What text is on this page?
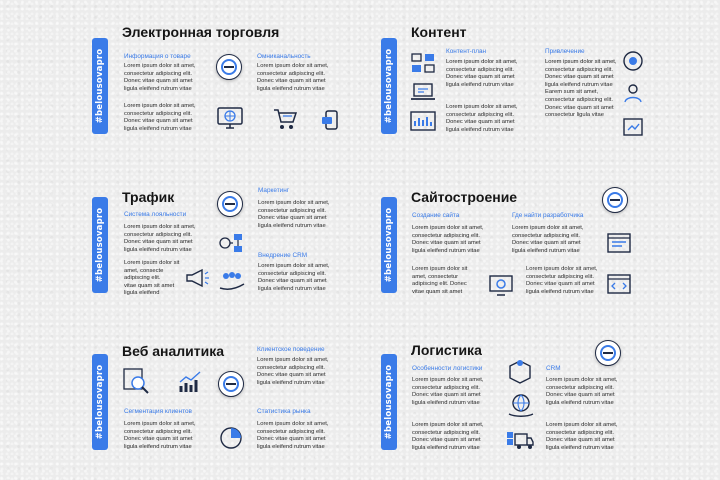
#belousovapro
Электронная торговля
Информация о товаре	Омниканальность
Lorem ipsum dolor sit amet,
consectetur adipiscing elit.
Donec vitae quam sit amet
ligula eleifend rutrum vitae
Lorem ipsum dolor sit amet,
consectetur adipiscing elit.
Donec vitae quam sit amet
ligula eleifend rutrum vitae
Lorem ipsum dolor sit amet,
consectetur adipiscing elit.
Donec vitae quam sit amet
ligula eleifend rutrum vitae
#belousovapro
Контент
Контент-план	Привлечение
Lorem ipsum dolor sit amet,
consectetur adipiscing elit.
Donec vitae quam sit amet
ligula eleifend rutrum vitae
Lorem ipsum dolor sit amet,
consectetur adipiscing elit.
Donec vitae quam sit amet
ligula eleifend rutrum vitae
Lorem ipsum dolor sit amet,
consectetur adipiscing elit.
Donec vitae quam sit amet
ligula eleifend rutrum vitae
Earem sum sit amet,
consectetur adipiscing elit.
Donec vitae quam sit amet
consectetur ligula vitae
#belousovapro
Трафик	Маркетинг
Lorem ipsum dolor sit amet,
consectetur adipiscing elit.
Donec vitae quam sit amet
ligula eleifend rutrum vitae
Система лояльности
Lorem ipsum dolor sit amet,
consectetur adipiscing elit.
Donec vitae quam sit amet
ligula eleifend rutrum vitae
Lorem ipsum dolor sit
amet, consecte
adipiscing elit.
vitae quam sit amet
ligula eleifend
Внедрение CRM
Lorem ipsum dolor sit amet,
consectetur adipiscing elit.
Donec vitae quam sit amet
ligula eleifend rutrum vitae
#belousovapro
Сайтостроение
Создание сайта	Где найти разработчика
Lorem ipsum dolor sit amet,
consectetur adipiscing elit.
Donec vitae quam sit amet
ligula eleifend rutrum vitae
Lorem ipsum dolor sit amet,
consectetur adipiscing elit.
Donec vitae quam sit amet
ligula eleifend rutrum vitae
Lorem ipsum dolor sit
amet, consectetur
adipiscing elit. Donec
vitae quam sit amet
Lorem ipsum dolor sit amet,
consectetur adipiscing elit.
Donec vitae quam sit amet
ligula eleifend rutrum vitae
#belousovapro
Веб аналитика	Клиентское поведение
Lorem ipsum dolor sit amet,
consectetur adipiscing elit.
Donec vitae quam sit amet
ligula eleifend rutrum vitae
Сегментация клиентов	Статистика рынка
Lorem ipsum dolor sit amet,
consectetur adipiscing elit.
Donec vitae quam sit amet
ligula eleifend rutrum vitae
Lorem ipsum dolor sit amet,
consectetur adipiscing elit.
Donec vitae quam sit amet
ligula eleifend rutrum vitae
#belousovapro
Логистика
Особенности логистики	CRM
Lorem ipsum dolor sit amet,
consectetur adipiscing elit.
Donec vitae quam sit amet
ligula eleifend rutrum vitae
Lorem ipsum dolor sit amet,
consectetur adipiscing elit.
Donec vitae quam sit amet
ligula eleifend rutrum vitae
Lorem ipsum dolor sit amet,
consectetur adipiscing elit.
Donec vitae quam sit amet
ligula eleifend rutrum vitae
Lorem ipsum dolor sit amet,
consectetur adipiscing elit.
Donec vitae quam sit amet
ligula eleifend rutrum vitae
